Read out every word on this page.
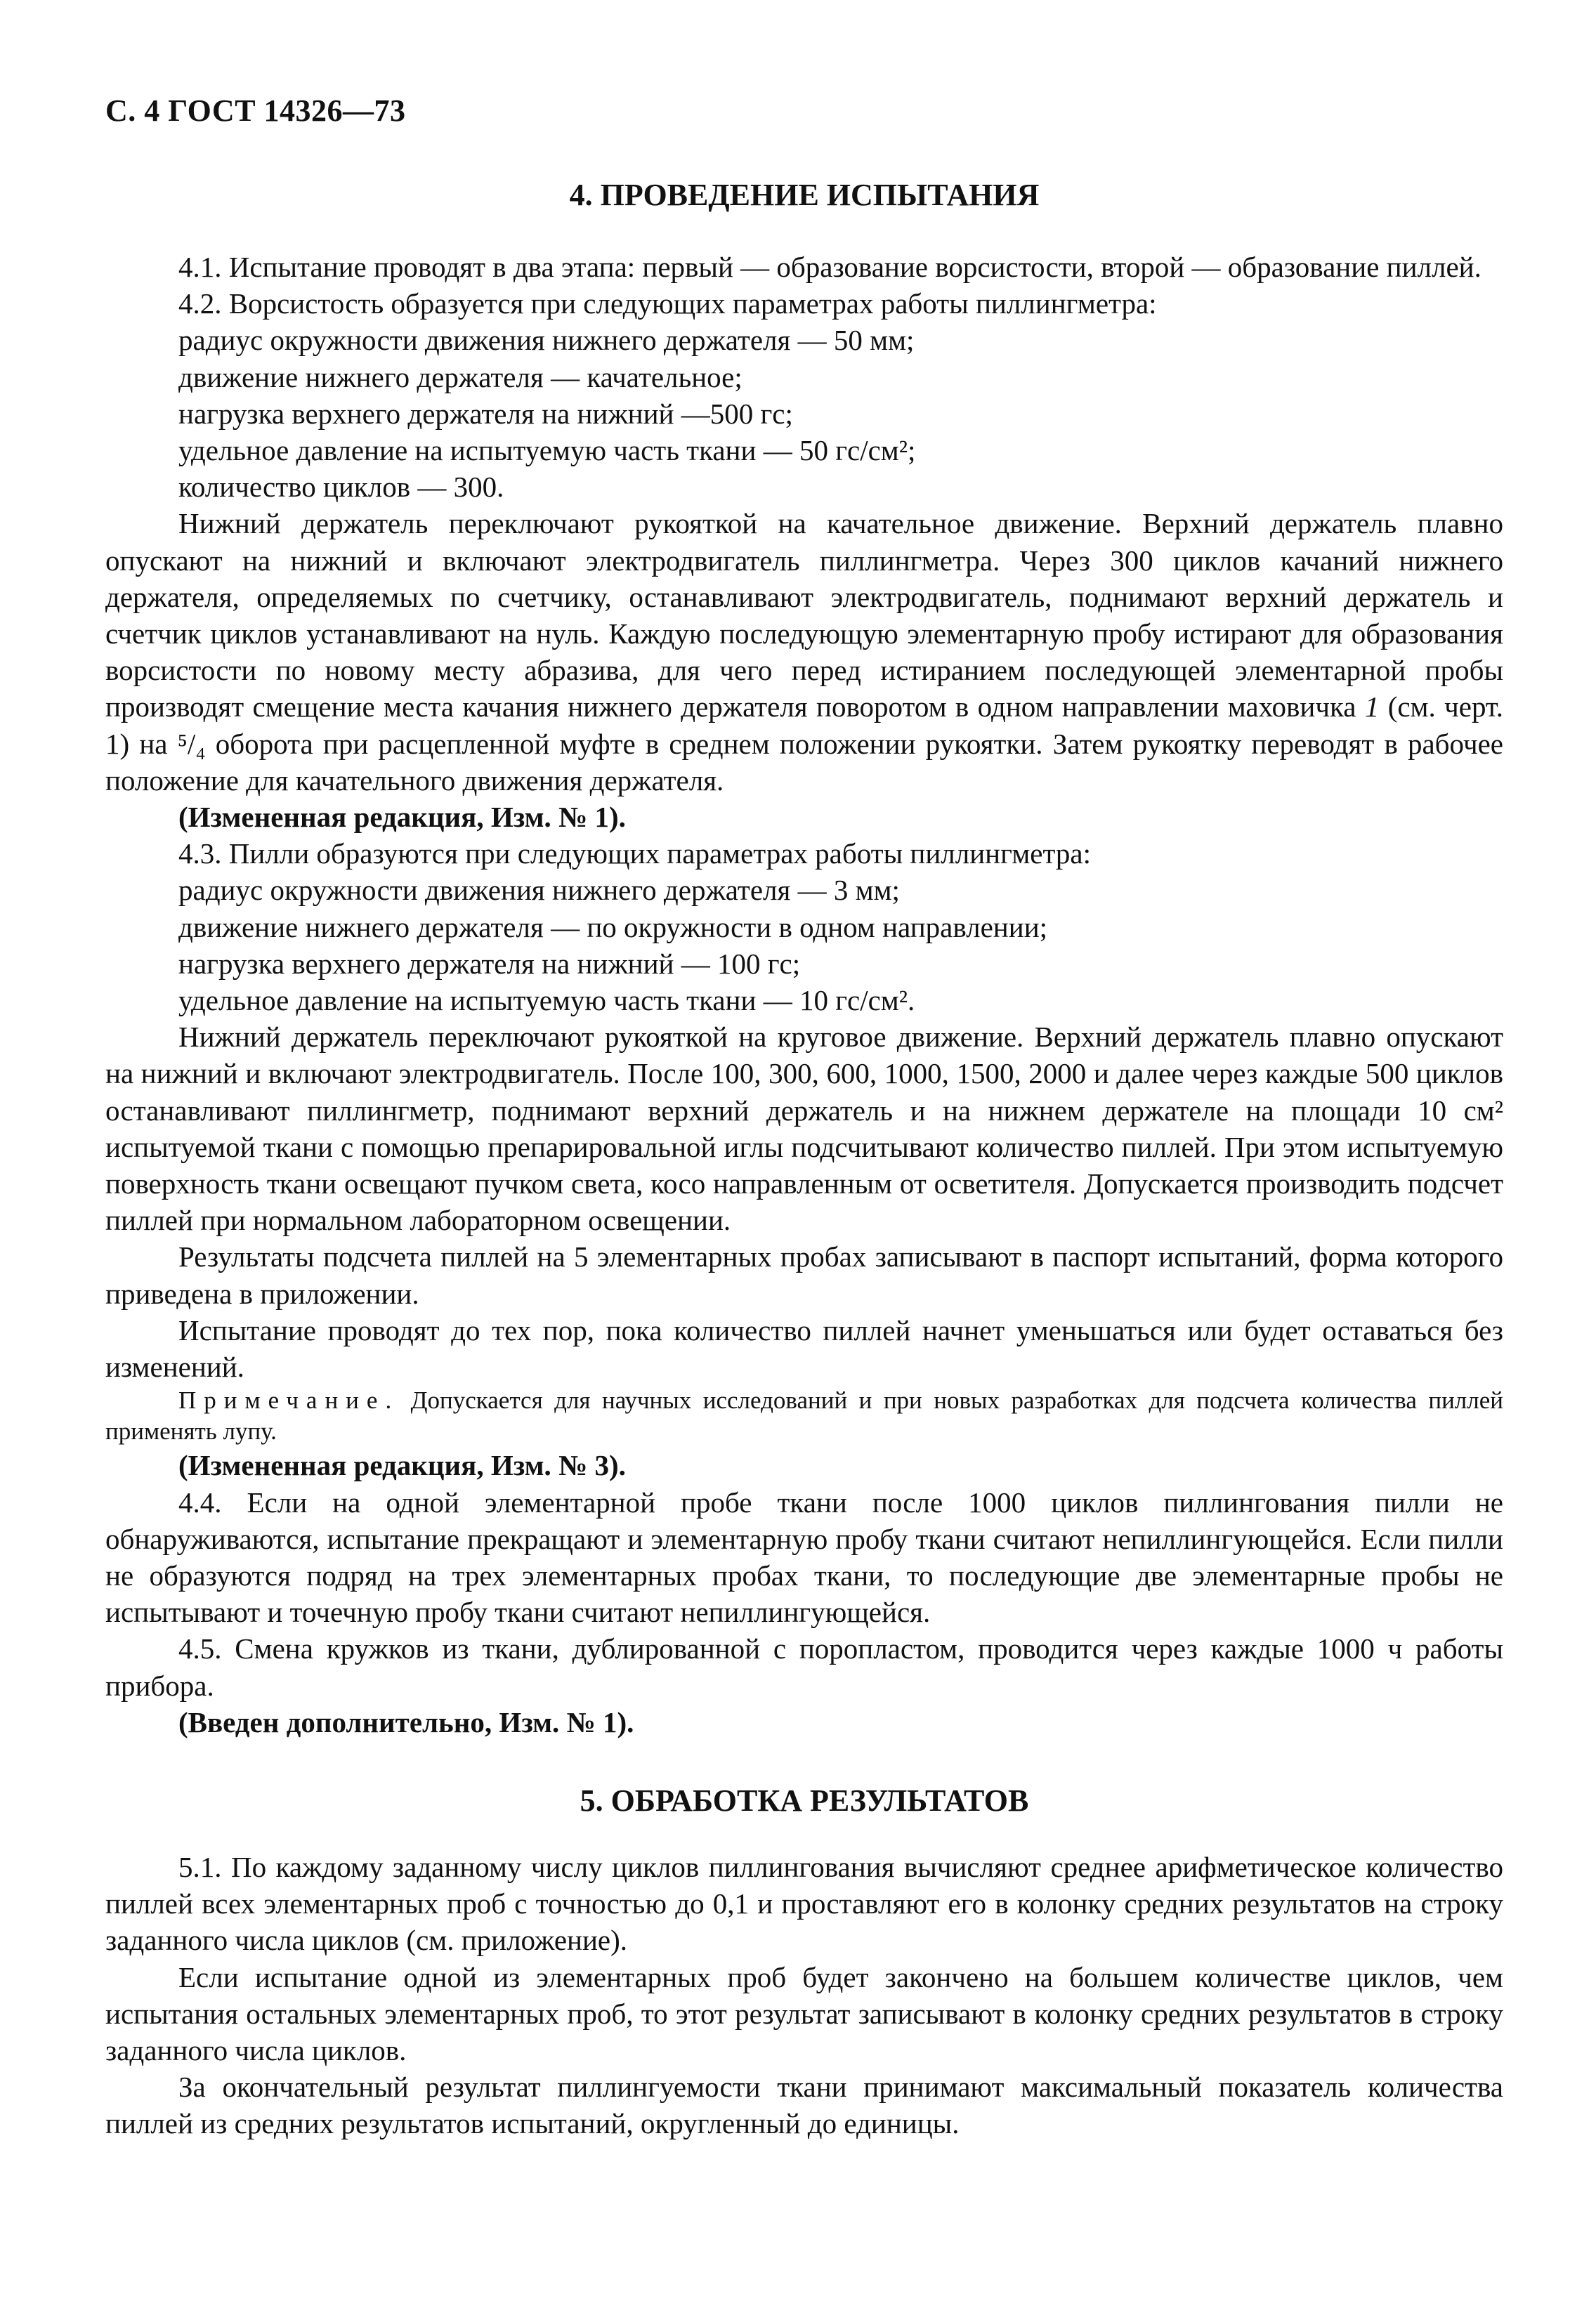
С. 4 ГОСТ 14326—73
4. ПРОВЕДЕНИЕ ИСПЫТАНИЯ

4.1. Испытание проводят в два этапа: первый — образование ворсистости, второй — образование пиллей.

4.2. Ворсистость образуется при следующих параметрах работы пиллингметра:

радиус окружности движения нижнего держателя — 50 мм;

движение нижнего держателя — качательное;

нагрузка верхнего держателя на нижний —500 гс;

удельное давление на испытуемую часть ткани — 50 гс/см²;

количество циклов — 300.

Нижний держатель переключают рукояткой на качательное движение. Верхний держатель плавно опускают на нижний и включают электродвигатель пиллингметра. Через 300 циклов качаний нижнего держателя, определяемых по счетчику, останавливают электродвигатель, поднимают верхний держатель и счетчик циклов устанавливают на нуль. Каждую последующую элементарную пробу истирают для образования ворсистости по новому месту абразива, для чего перед истиранием последующей элементарной пробы производят смещение места качания нижнего держателя поворотом в одном направлении маховичка 1 (см. черт. 1) на ⁵/₄ оборота при расцепленной муфте в среднем положении рукоятки. Затем рукоятку переводят в рабочее положение для качательного движения держателя.

(Измененная редакция, Изм. № 1).

4.3. Пилли образуются при следующих параметрах работы пиллингметра:

радиус окружности движения нижнего держателя — 3 мм;

движение нижнего держателя — по окружности в одном направлении;

нагрузка верхнего держателя на нижний — 100 гс;

удельное давление на испытуемую часть ткани — 10 гс/см².

Нижний держатель переключают рукояткой на круговое движение. Верхний держатель плавно опускают на нижний и включают электродвигатель. После 100, 300, 600, 1000, 1500, 2000 и далее через каждые 500 циклов останавливают пиллингметр, поднимают верхний держатель и на нижнем держателе на площади 10 см² испытуемой ткани с помощью препарировальной иглы подсчитывают количество пиллей. При этом испытуемую поверхность ткани освещают пучком света, косо направленным от осветителя. Допускается производить подсчет пиллей при нормальном лабораторном освещении.

Результаты подсчета пиллей на 5 элементарных пробах записывают в паспорт испытаний, форма которого приведена в приложении.

Испытание проводят до тех пор, пока количество пиллей начнет уменьшаться или будет оставаться без изменений.

Примечание. Допускается для научных исследований и при новых разработках для подсчета количества пиллей применять лупу.

(Измененная редакция, Изм. № 3).

4.4. Если на одной элементарной пробе ткани после 1000 циклов пиллингования пилли не обнаруживаются, испытание прекращают и элементарную пробу ткани считают непиллингующейся. Если пилли не образуются подряд на трех элементарных пробах ткани, то последующие две элементарные пробы не испытывают и точечную пробу ткани считают непиллингующейся.

4.5. Смена кружков из ткани, дублированной с поропластом, проводится через каждые 1000 ч работы прибора.

(Введен дополнительно, Изм. № 1).

5. ОБРАБОТКА РЕЗУЛЬТАТОВ

5.1. По каждому заданному числу циклов пиллингования вычисляют среднее арифметическое количество пиллей всех элементарных проб с точностью до 0,1 и проставляют его в колонку средних результатов на строку заданного числа циклов (см. приложение).

Если испытание одной из элементарных проб будет закончено на большем количестве циклов, чем испытания остальных элементарных проб, то этот результат записывают в колонку средних результатов в строку заданного числа циклов.

За окончательный результат пиллингуемости ткани принимают максимальный показатель количества пиллей из средних результатов испытаний, округленный до единицы.
